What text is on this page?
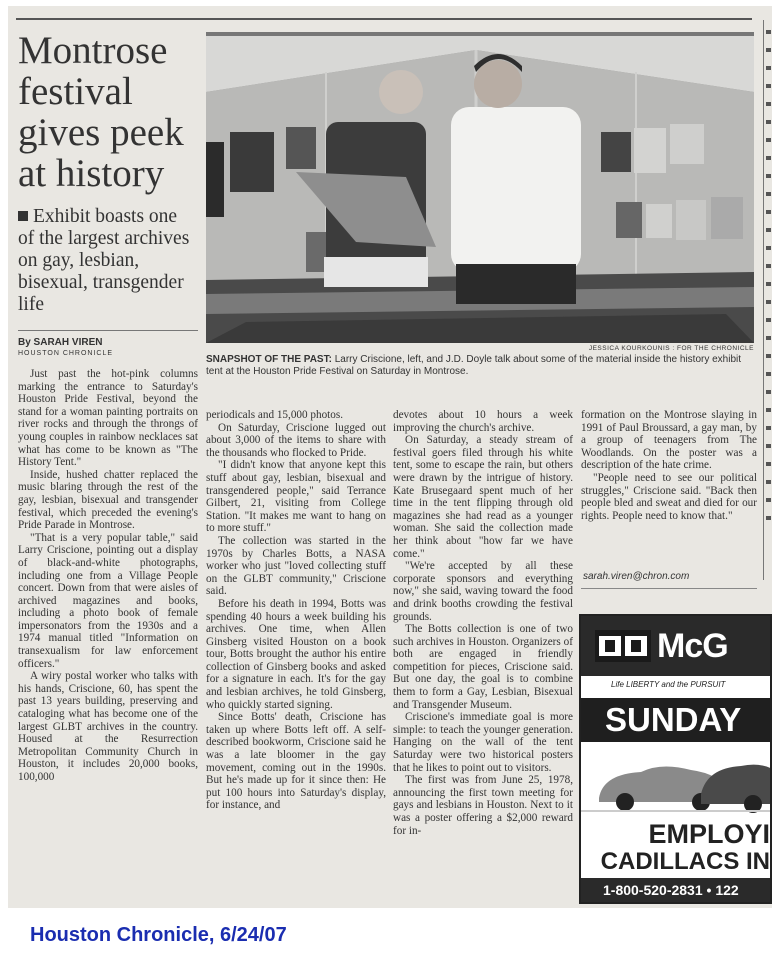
Montrose festival gives peek at history
Exhibit boasts one of the largest archives on gay, lesbian, bisexual, transgender life
By SARAH VIREN
HOUSTON CHRONICLE
JESSICA KOURKOUNIS : FOR THE CHRONICLE
SNAPSHOT OF THE PAST: Larry Criscione, left, and J.D. Doyle talk about some of the material inside the history exhibit tent at the Houston Pride Festival on Saturday in Montrose.

Just past the hot-pink columns marking the entrance to Saturday's Houston Pride Festival, beyond the stand for a woman painting portraits on river rocks and through the throngs of young couples in rainbow necklaces sat what has come to be known as "The History Tent."

Inside, hushed chatter replaced the music blaring through the rest of the gay, lesbian, bisexual and transgender festival, which preceded the evening's Pride Parade in Montrose.

"That is a very popular table," said Larry Criscione, pointing out a display of black-and-white photographs, including one from a Village People concert. Down from that were aisles of archived magazines and books, including a photo book of female impersonators from the 1930s and a 1974 manual titled "Information on transexualism for law enforcement officers."

A wiry postal worker who talks with his hands, Criscione, 60, has spent the past 13 years building, preserving and cataloging what has become one of the largest GLBT archives in the country. Housed at the Resurrection Metropolitan Community Church in Houston, it includes 20,000 books, 100,000

periodicals and 15,000 photos.

On Saturday, Criscione lugged out about 3,000 of the items to share with the thousands who flocked to Pride.

"I didn't know that anyone kept this stuff about gay, lesbian, bisexual and transgendered people," said Terrance Gilbert, 21, visiting from College Station. "It makes me want to hang on to more stuff."

The collection was started in the 1970s by Charles Botts, a NASA worker who just "loved collecting stuff on the GLBT community," Criscione said.

Before his death in 1994, Botts was spending 40 hours a week building his archives. One time, when Allen Ginsberg visited Houston on a book tour, Botts brought the author his entire collection of Ginsberg books and asked for a signature in each. It's for the gay and lesbian archives, he told Ginsberg, who quickly started signing.

Since Botts' death, Criscione has taken up where Botts left off. A self-described bookworm, Criscione said he was a late bloomer in the gay movement, coming out in the 1990s. But he's made up for it since then: He put 100 hours into Saturday's display, for instance, and

devotes about 10 hours a week improving the church's archive.

On Saturday, a steady stream of festival goers filed through his white tent, some to escape the rain, but others were drawn by the intrigue of history. Kate Brusegaard spent much of her time in the tent flipping through old magazines she had read as a younger woman. She said the collection made her think about "how far we have come."

"We're accepted by all these corporate sponsors and everything now," she said, waving toward the food and drink booths crowding the festival grounds.

The Botts collection is one of two such archives in Houston. Organizers of both are engaged in friendly competition for pieces, Criscione said. But one day, the goal is to combine them to form a Gay, Lesbian, Bisexual and Transgender Museum.

Criscione's immediate goal is more simple: to teach the younger generation. Hanging on the wall of the tent Saturday were two historical posters that he likes to point out to visitors.

The first was from June 25, 1978, announcing the first town meeting for gays and lesbians in Houston. Next to it was a poster offering a $2,000 reward for in-

formation on the Montrose slaying in 1991 of Paul Broussard, a gay man, by a group of teenagers from The Woodlands. On the poster was a description of the hate crime.

"People need to see our political struggles," Criscione said. "Back then people bled and sweat and died for our rights. People need to know that."

sarah.viren@chron.com
McG
Life LIBERTY and the PURSUIT
SUNDAY
EMPLOYI
CADILLACS IN
1-800-520-2831 • 122
Houston Chronicle, 6/24/07
